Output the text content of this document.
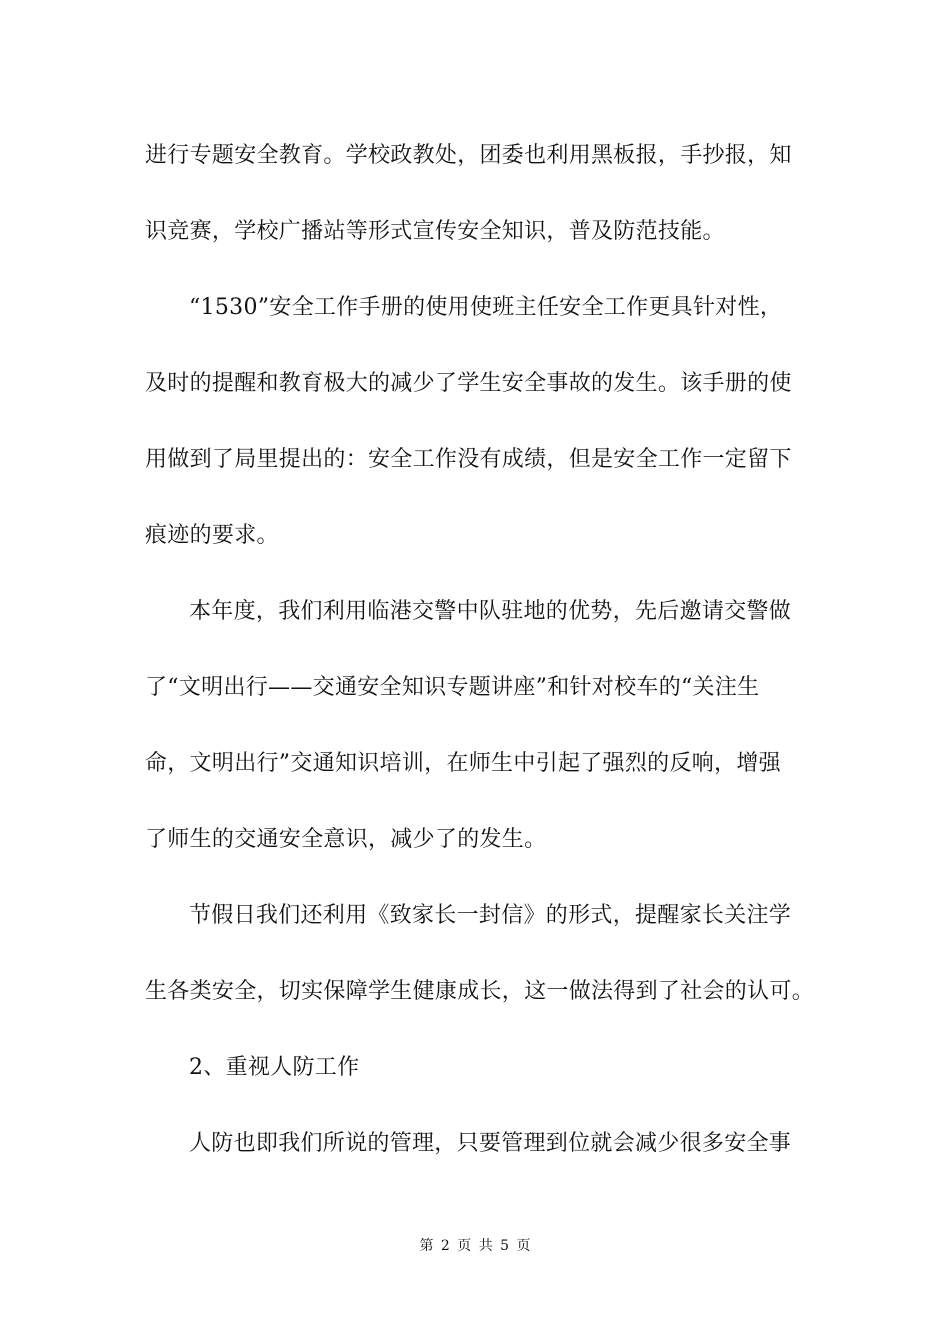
进行专题安全教育。学校政教处，团委也利用黑板报，手抄报，知
识竞赛，学校广播站等形式宣传安全知识，普及防范技能。
“1530”安全工作手册的使用使班主任安全工作更具针对性，
及时的提醒和教育极大的减少了学生安全事故的发生。该手册的使
用做到了局里提出的：安全工作没有成绩，但是安全工作一定留下
痕迹的要求。
本年度，我们利用临港交警中队驻地的优势，先后邀请交警做
了“文明出行——交通安全知识专题讲座”和针对校车的“关注生
命，文明出行”交通知识培训，在师生中引起了强烈的反响，增强
了师生的交通安全意识，减少了的发生。
节假日我们还利用《致家长一封信》的形式，提醒家长关注学
生各类安全，切实保障学生健康成长，这一做法得到了社会的认可。
2、重视人防工作
人防也即我们所说的管理，只要管理到位就会减少很多安全事
第 2 页 共 5 页
